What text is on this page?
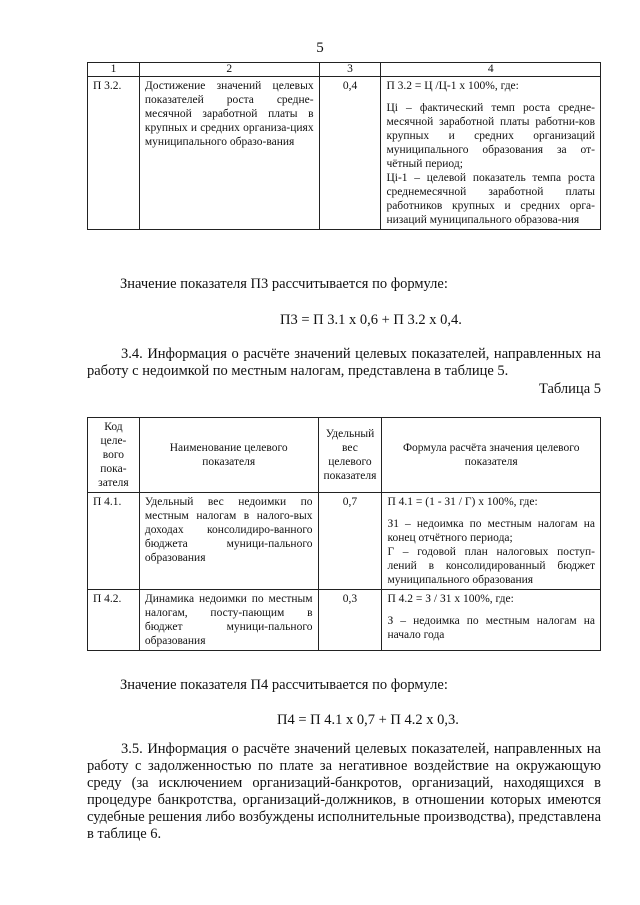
5
1	2	3	4
П 3.2.	Достижение значений целевых показателей роста средне-месячной заработной платы в крупных и средних организа-циях муниципального образо-вания	0,4	П 3.2 = Ц /Ц-1 х 100%, где:
Цi – фактический темп роста средне-месячной заработной платы работни-ков крупных и средних организаций муниципального образования за от-чётный период;
Цi-1 – целевой показатель темпа роста среднемесячной заработной платы работников крупных и средних орга-низаций муниципального образова-ния

Значение показателя П3 рассчитывается по формуле:

П3 = П 3.1 х 0,6 + П 3.2 х 0,4.

3.4. Информация о расчёте значений целевых показателей, направленных на работу с недоимкой по местным налогам, представлена в таблице 5.

Таблица 5
Код целе-вого пока-зателя	Наименование целевого показателя	Удельный вес целевого показателя	Формула расчёта значения целевого показателя
П 4.1.	Удельный вес недоимки по местным налогам в налого-вых доходах консолидиро-ванного бюджета муници-пального образования	0,7	П 4.1 = (1 - З1 / Г) х 100%, где:
З1 – недоимка по местным налогам на конец отчётного периода;
Г – годовой план налоговых поступ-лений в консолидированный бюджет муниципального образования

П 4.2.	Динамика недоимки по местным налогам, посту-пающим в бюджет муници-пального образования	0,3	П 4.2 = З / З1 х 100%, где:
З – недоимка по местным налогам на начало года

Значение показателя П4 рассчитывается по формуле:

П4 = П 4.1 х 0,7 + П 4.2 х 0,3.

3.5. Информация о расчёте значений целевых показателей, направленных на работу с задолженностью по плате за негативное воздействие на окружающую среду (за исключением организаций-банкротов, организаций, находящихся в процедуре банкротства, организаций-должников, в отношении которых имеются судебные решения либо возбуждены исполнительные производства), представлена в таблице 6.
